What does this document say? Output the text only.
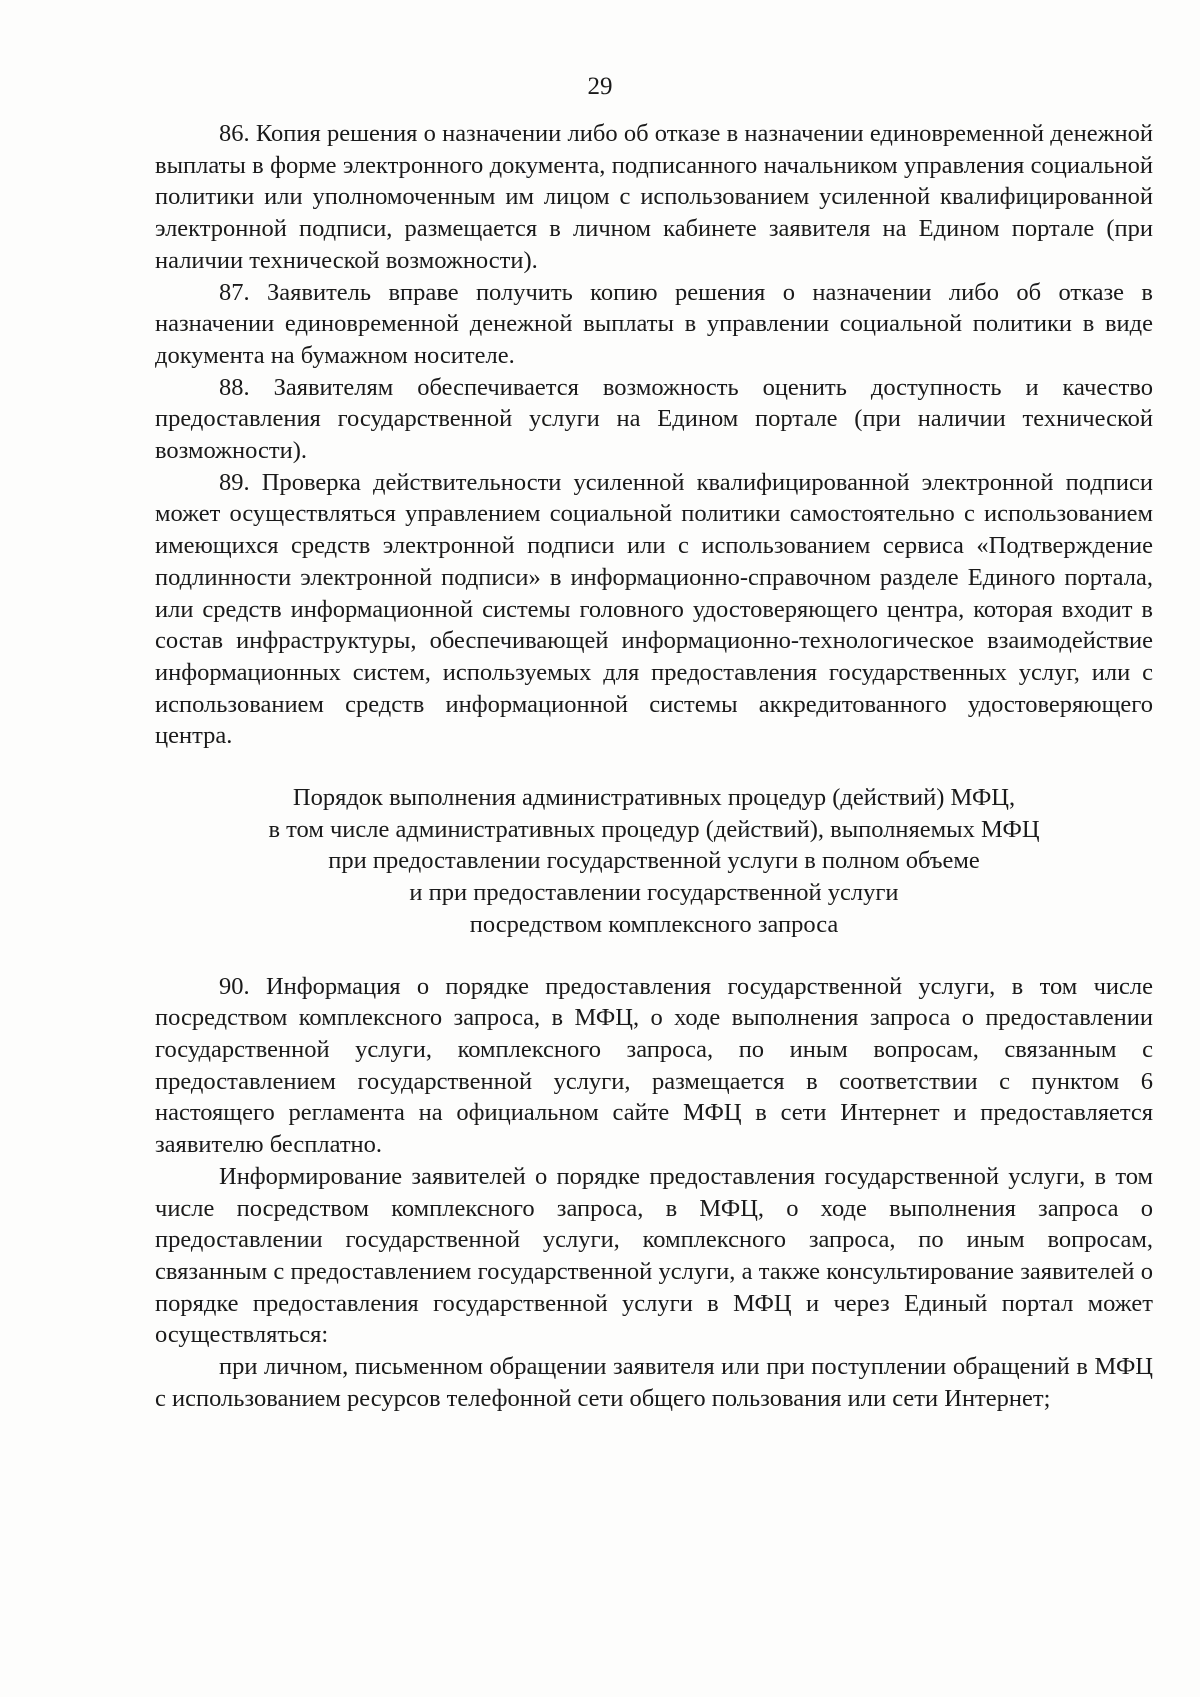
29

86. Копия решения о назначении либо об отказе в назначении единовременной денежной выплаты в форме электронного документа, подписанного начальником управления социальной политики или уполномоченным им лицом с использованием усиленной квалифицированной электронной подписи, размещается в личном кабинете заявителя на Едином портале (при наличии технической возможности).

87. Заявитель вправе получить копию решения о назначении либо об отказе в назначении единовременной денежной выплаты в управлении социальной политики в виде документа на бумажном носителе.

88. Заявителям обеспечивается возможность оценить доступность и качество предоставления государственной услуги на Едином портале (при наличии технической возможности).

89. Проверка действительности усиленной квалифицированной электронной подписи может осуществляться управлением социальной политики самостоятельно с использованием имеющихся средств электронной подписи или с использованием сервиса «Подтверждение подлинности электронной подписи» в информационно-справочном разделе Единого портала, или средств информационной системы головного удостоверяющего центра, которая входит в состав инфраструктуры, обеспечивающей информационно-технологическое взаимодействие информационных систем, используемых для предоставления государственных услуг, или с использованием средств информационной системы аккредитованного удостоверяющего центра.

Порядок выполнения административных процедур (действий) МФЦ,
в том числе административных процедур (действий), выполняемых МФЦ
при предоставлении государственной услуги в полном объеме
и при предоставлении государственной услуги
посредством комплексного запроса

90. Информация о порядке предоставления государственной услуги, в том числе посредством комплексного запроса, в МФЦ, о ходе выполнения запроса о предоставлении государственной услуги, комплексного запроса, по иным вопросам, связанным с предоставлением государственной услуги, размещается в соответствии с пунктом 6 настоящего регламента на официальном сайте МФЦ в сети Интернет и предоставляется заявителю бесплатно.

Информирование заявителей о порядке предоставления государственной услуги, в том числе посредством комплексного запроса, в МФЦ, о ходе выполнения запроса о предоставлении государственной услуги, комплексного запроса, по иным вопросам, связанным с предоставлением государственной услуги, а также консультирование заявителей о порядке предоставления государственной услуги в МФЦ и через Единый портал может осуществляться:

при личном, письменном обращении заявителя или при поступлении обращений в МФЦ с использованием ресурсов телефонной сети общего пользования или сети Интернет;
